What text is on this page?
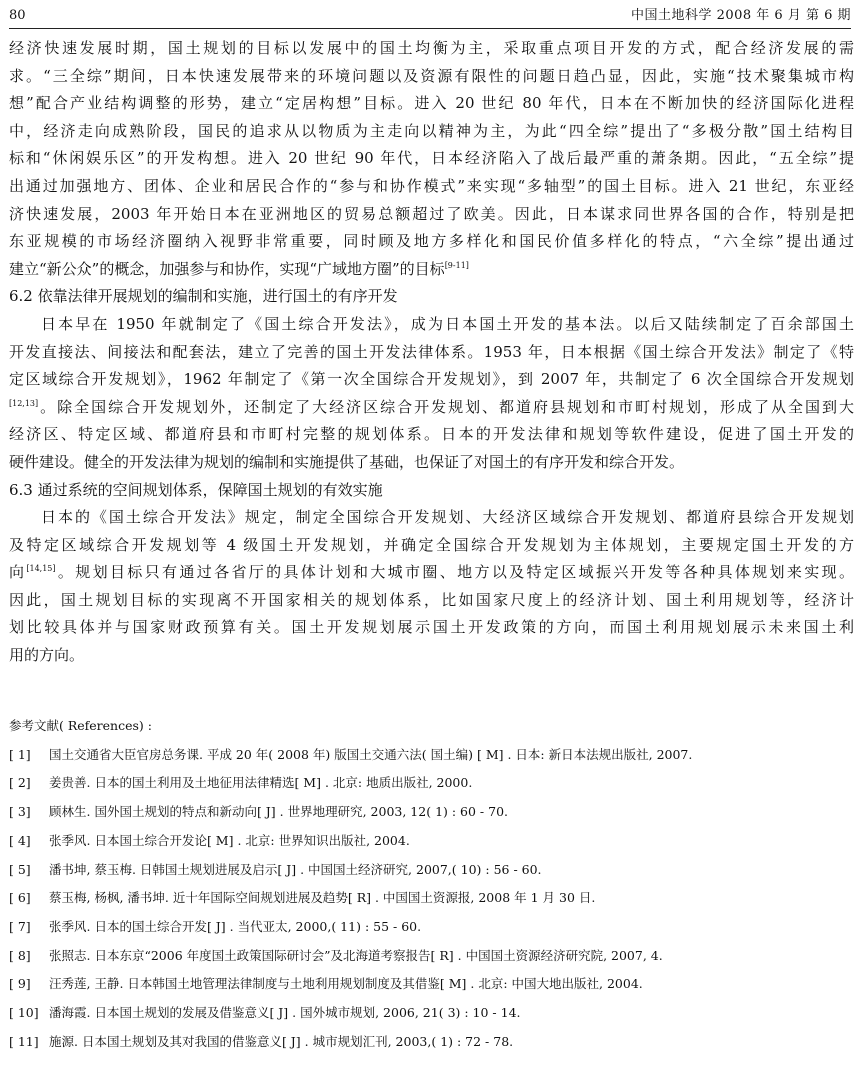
80	中国土地科学 2008 年 6 月 第 6 期
经济快速发展时期，国土规划的目标以发展中的国土均衡为主，采取重点项目开发的方式，配合经济发展的需
求。“三全综”期间，日本快速发展带来的环境问题以及资源有限性的问题日趋凸显，因此，实施“技术聚集城市构
想”配合产业结构调整的形势，建立“定居构想”目标。进入 20 世纪 80 年代，日本在不断加快的经济国际化进程
中，经济走向成熟阶段，国民的追求从以物质为主走向以精神为主，为此“四全综”提出了“多极分散”国土结构目
标和“休闲娱乐区”的开发构想。进入 20 世纪 90 年代，日本经济陷入了战后最严重的萧条期。因此，“五全综”提
出通过加强地方、团体、企业和居民合作的“参与和协作模式”来实现“多轴型”的国土目标。进入 21 世纪，东亚经
济快速发展，2003 年开始日本在亚洲地区的贸易总额超过了欧美。因此，日本谋求同世界各国的合作，特别是把
东亚规模的市场经济圈纳入视野非常重要，同时顾及地方多样化和国民价值多样化的特点，“六全综”提出通过
建立“新公众”的概念，加强参与和协作，实现“广域地方圈”的目标[9-11]
6.2 依靠法律开展规划的编制和实施，进行国土的有序开发
日本早在 1950 年就制定了《国土综合开发法》，成为日本国土开发的基本法。以后又陆续制定了百余部国土
开发直接法、间接法和配套法，建立了完善的国土开发法律体系。1953 年，日本根据《国土综合开发法》制定了《特
定区域综合开发规划》，1962 年制定了《第一次全国综合开发规划》，到 2007 年，共制定了 6 次全国综合开发规划
[12,13]。除全国综合开发规划外，还制定了大经济区综合开发规划、都道府县规划和市町村规划，形成了从全国到大
经济区、特定区域、都道府县和市町村完整的规划体系。日本的开发法律和规划等软件建设，促进了国土开发的
硬件建设。健全的开发法律为规划的编制和实施提供了基础，也保证了对国土的有序开发和综合开发。
6.3 通过系统的空间规划体系，保障国土规划的有效实施
日本的《国土综合开发法》规定，制定全国综合开发规划、大经济区域综合开发规划、都道府县综合开发规划
及特定区域综合开发规划等 4 级国土开发规划，并确定全国综合开发规划为主体规划，主要规定国土开发的方
向[14,15]。规划目标只有通过各省厅的具体计划和大城市圈、地方以及特定区域振兴开发等各种具体规划来实现。
因此，国土规划目标的实现离不开国家相关的规划体系，比如国家尺度上的经济计划、国土利用规划等，经济计
划比较具体并与国家财政预算有关。国土开发规划展示国土开发政策的方向，而国土利用规划展示未来国土利
用的方向。
参考文献( References) :
[ 1] 国土交通省大臣官房总务课. 平成 20 年( 2008 年) 版国土交通六法( 国土编) [ M] . 日本: 新日本法规出版社, 2007.
[ 2] 姜贵善. 日本的国土利用及土地征用法律精选[ M] . 北京: 地质出版社, 2000.
[ 3] 顾林生. 国外国土规划的特点和新动向[ J] . 世界地理研究, 2003, 12( 1) : 60 - 70.
[ 4] 张季风. 日本国土综合开发论[ M] . 北京: 世界知识出版社, 2004.
[ 5] 潘书坤, 蔡玉梅. 日韩国土规划进展及启示[ J] . 中国国土经济研究, 2007,( 10) : 56 - 60.
[ 6] 蔡玉梅, 杨枫, 潘书坤. 近十年国际空间规划进展及趋势[ R] . 中国国土资源报, 2008 年 1 月 30 日.
[ 7] 张季风. 日本的国土综合开发[ J] . 当代亚太, 2000,( 11) : 55 - 60.
[ 8] 张照志. 日本东京“2006 年度国土政策国际研讨会”及北海道考察报告[ R] . 中国国土资源经济研究院, 2007, 4.
[ 9] 汪秀莲, 王静. 日本韩国土地管理法律制度与土地利用规划制度及其借鉴[ M] . 北京: 中国大地出版社, 2004.
[ 10] 潘海霞. 日本国土规划的发展及借鉴意义[ J] . 国外城市规划, 2006, 21( 3) : 10 - 14.
[ 11] 施源. 日本国土规划及其对我国的借鉴意义[ J] . 城市规划汇刊, 2003,( 1) : 72 - 78.
